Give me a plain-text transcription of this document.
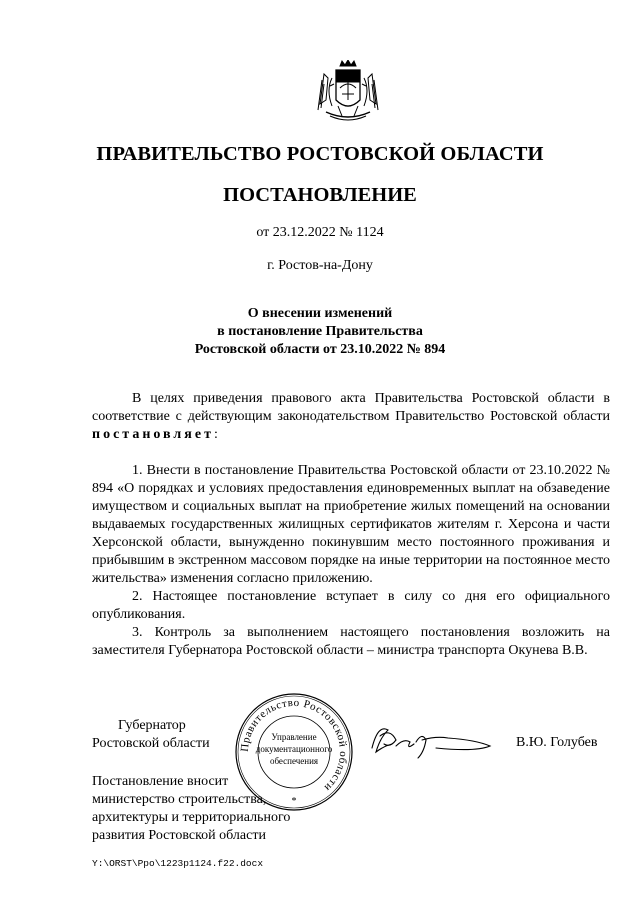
ПРАВИТЕЛЬСТВО РОСТОВСКОЙ ОБЛАСТИ
ПОСТАНОВЛЕНИЕ
от 23.12.2022 № 1124
г. Ростов-на-Дону
О внесении изменений
в постановление Правительства
Ростовской области от 23.10.2022 № 894
В целях приведения правового акта Правительства Ростовской области в соответствие с действующим законодательством Правительство Ростовской области постановляет:

1. Внести в постановление Правительства Ростовской области от 23.10.2022 № 894 «О порядках и условиях предоставления единовременных выплат на обзаведение имуществом и социальных выплат на приобретение жилых помещений на основании выдаваемых государственных жилищных сертификатов жителям г. Херсона и части Херсонской области, вынужденно покинувшим место постоянного проживания и прибывшим в экстренном массовом порядке на иные территории на постоянное место жительства» изменения согласно приложению.

2. Настоящее постановление вступает в силу со дня его официального опубликования.

3. Контроль за выполнением настоящего постановления возложить на заместителя Губернатора Ростовской области – министра транспорта Окунева В.В.

Губернатор
Ростовской области	Правительство Ростовской области
Управление
документационного
обеспечения
*
В.Ю. Голубев
Постановление вносит
министерство строительства,
архитектуры и территориального
развития Ростовской области
Y:\ORST\Ppo\1223p1124.f22.docx
